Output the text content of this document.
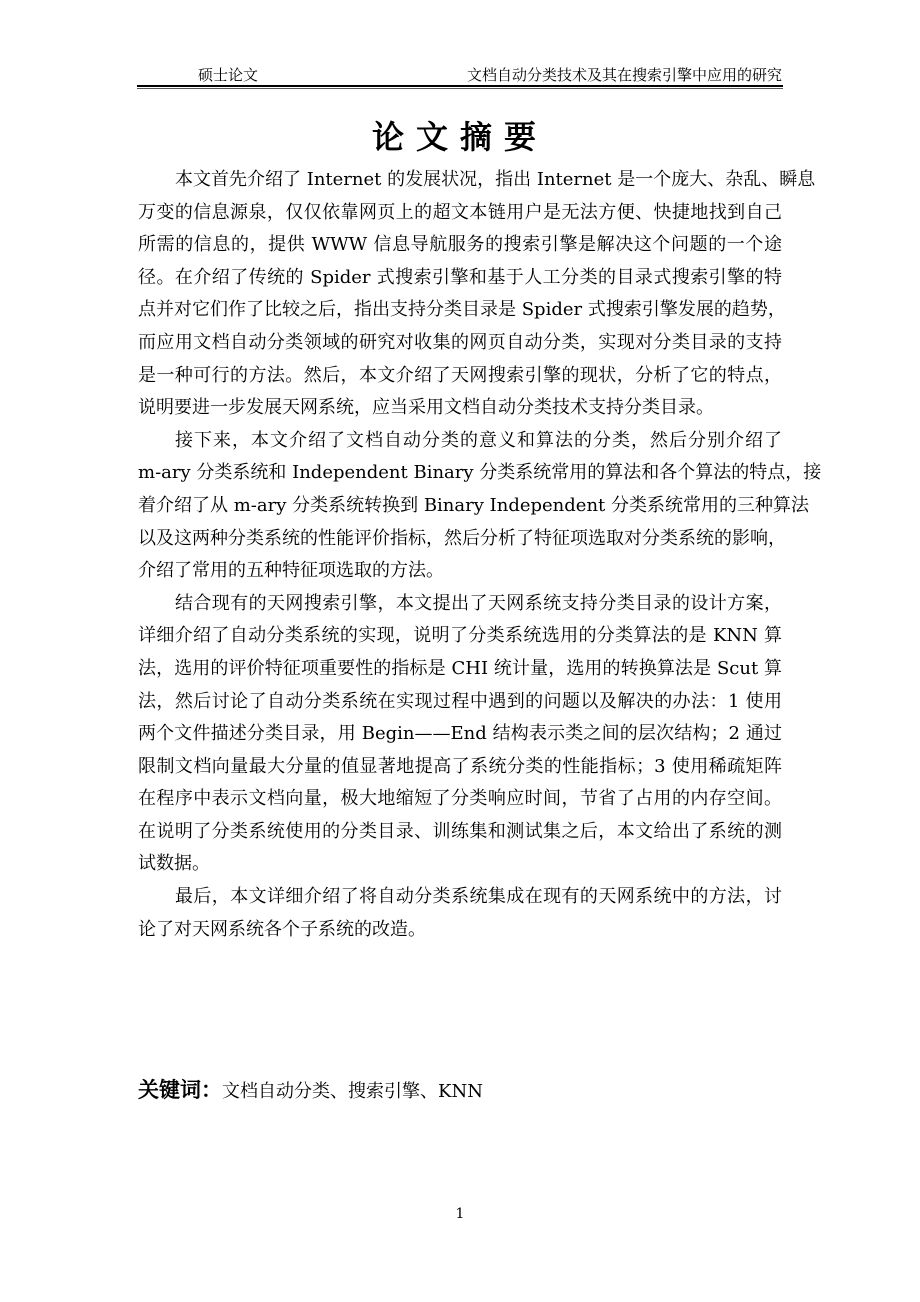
硕士论文	文档自动分类技术及其在搜索引擎中应用的研究
论文摘要
本文首先介绍了 Internet 的发展状况，指出 Internet 是一个庞大、杂乱、瞬息
万变的信息源泉，仅仅依靠网页上的超文本链用户是无法方便、快捷地找到自己
所需的信息的，提供 WWW 信息导航服务的搜索引擎是解决这个问题的一个途
径。在介绍了传统的 Spider 式搜索引擎和基于人工分类的目录式搜索引擎的特
点并对它们作了比较之后，指出支持分类目录是 Spider 式搜索引擎发展的趋势，
而应用文档自动分类领域的研究对收集的网页自动分类，实现对分类目录的支持
是一种可行的方法。然后，本文介绍了天网搜索引擎的现状，分析了它的特点，
说明要进一步发展天网系统，应当采用文档自动分类技术支持分类目录。
接下来，本文介绍了文档自动分类的意义和算法的分类，然后分别介绍了
m-ary 分类系统和 Independent Binary 分类系统常用的算法和各个算法的特点，接
着介绍了从 m-ary 分类系统转换到 Binary Independent 分类系统常用的三种算法
以及这两种分类系统的性能评价指标，然后分析了特征项选取对分类系统的影响，
介绍了常用的五种特征项选取的方法。
结合现有的天网搜索引擎，本文提出了天网系统支持分类目录的设计方案，
详细介绍了自动分类系统的实现，说明了分类系统选用的分类算法的是 KNN 算
法，选用的评价特征项重要性的指标是 CHI 统计量，选用的转换算法是 Scut 算
法，然后讨论了自动分类系统在实现过程中遇到的问题以及解决的办法：1 使用
两个文件描述分类目录，用 Begin——End 结构表示类之间的层次结构；2 通过
限制文档向量最大分量的值显著地提高了系统分类的性能指标；3 使用稀疏矩阵
在程序中表示文档向量，极大地缩短了分类响应时间，节省了占用的内存空间。
在说明了分类系统使用的分类目录、训练集和测试集之后，本文给出了系统的测
试数据。
最后，本文详细介绍了将自动分类系统集成在现有的天网系统中的方法，讨
论了对天网系统各个子系统的改造。
关键词：文档自动分类、搜索引擎、KNN
1
